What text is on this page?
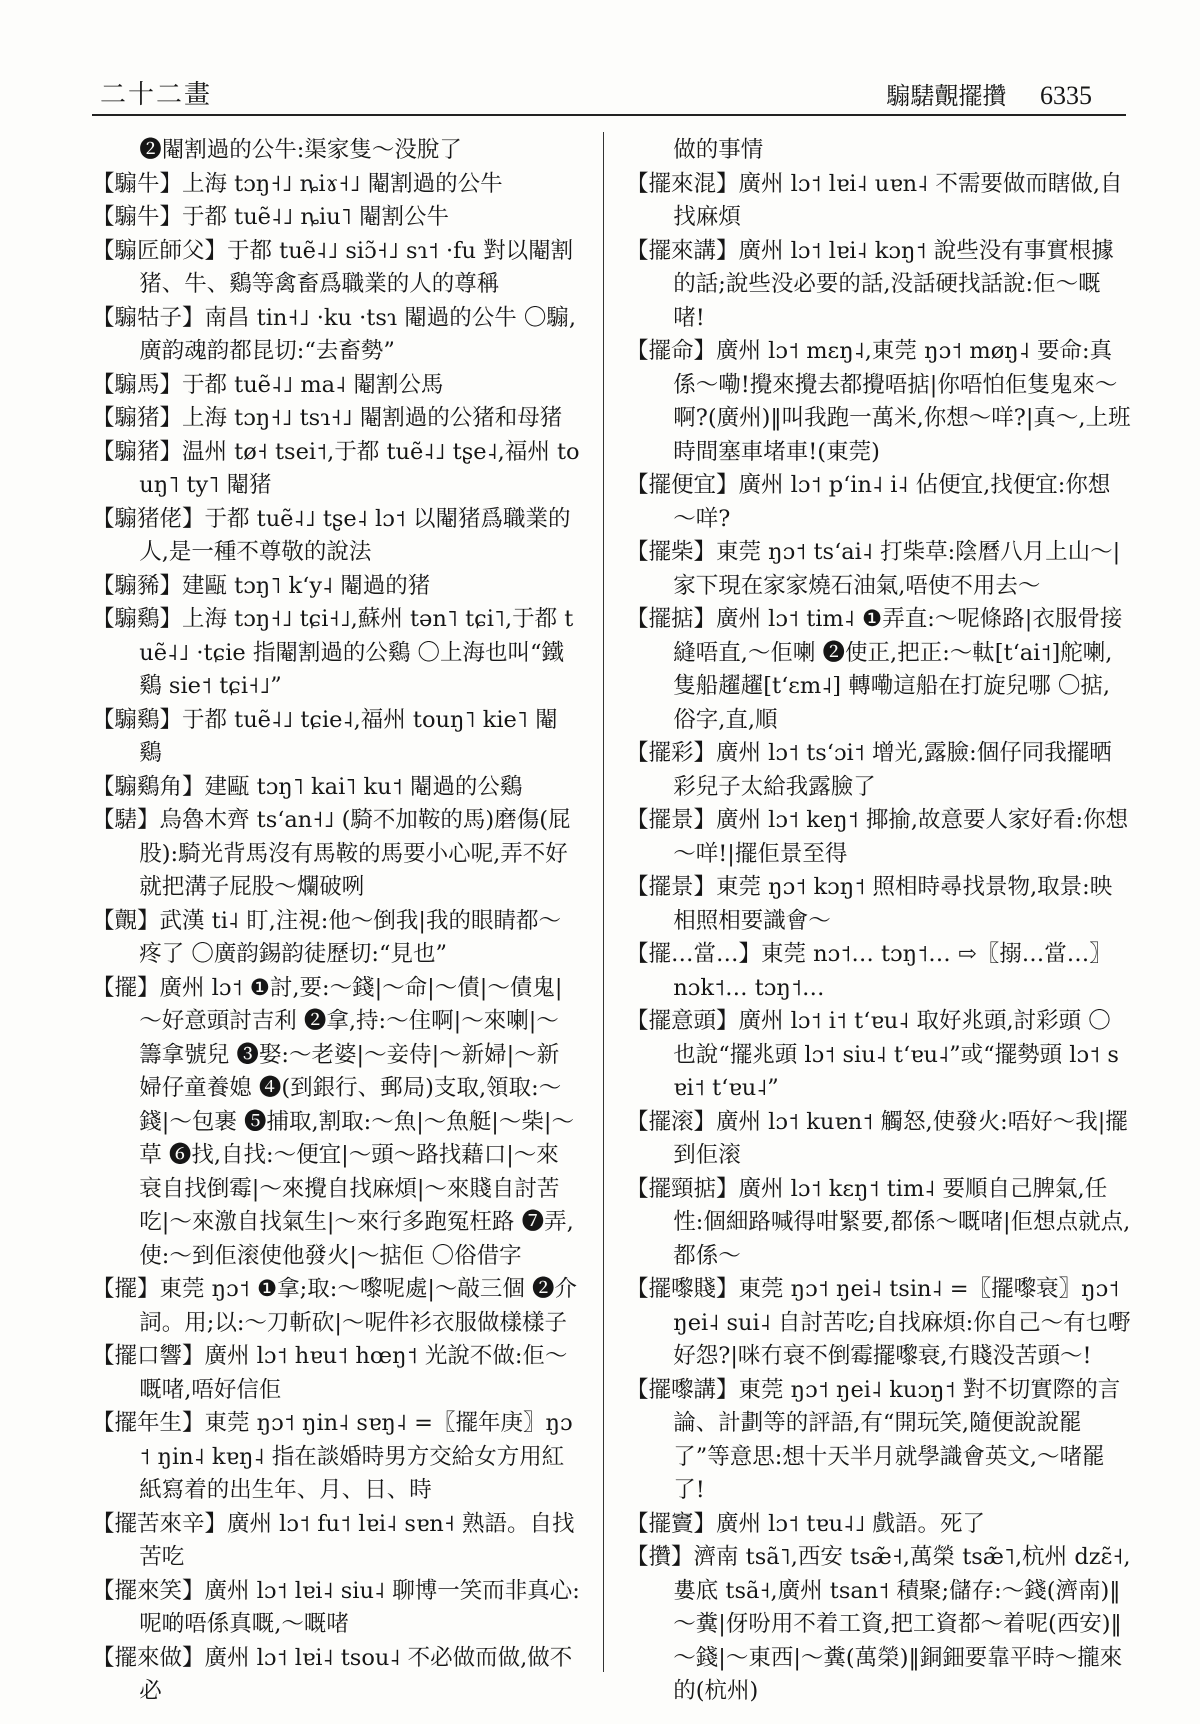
二十二畫	騸騞覿擺攢 6335

❷閹割過的公牛:渠家隻～没脫了

【騸牛】上海 tɔŋ˧˩ ȵiɤ˧˩ 閹割過的公牛

【騸牛】于都 tuẽ˨˩ ȵiu˥ 閹割公牛

【騸匠師父】于都 tuẽ˨˩ siɔ̃˧˩ sɿ˦ ·fu 對以閹割猪、牛、鷄等禽畜爲職業的人的尊稱

【騸牯子】南昌 tin˧˩ ·ku ·tsɿ 閹過的公牛 〇騸,廣韵魂韵都昆切:“去畜勢”

【騸馬】于都 tuẽ˨˩ ma˨ 閹割公馬

【騸猪】上海 tɔŋ˧˩ tsɿ˧˩ 閹割過的公猪和母猪

【騸猪】温州 tø˧ tsei˦,于都 tuẽ˨˩ tʂe˨,福州 touŋ˥ ty˥ 閹猪

【騸猪佬】于都 tuẽ˨˩ tʂe˨ lɔ˦ 以閹猪爲職業的人,是一種不尊敬的說法

【騸豨】建甌 tɔŋ˥ kʻy˨ 閹過的猪

【騸鷄】上海 tɔŋ˧˩ tɕi˧˩,蘇州 tən˥ tɕi˥,于都 tuẽ˨˩ ·tɕie 指閹割過的公鷄 〇上海也叫“鐵鷄 sie˦ tɕi˧˩”

【騸鷄】于都 tuẽ˨˩ tɕie˨,福州 touŋ˥ kie˥ 閹鷄

【騸鷄角】建甌 tɔŋ˥ kai˥ ku˦ 閹過的公鷄

【騞】烏魯木齊 tsʻan˧˩ (騎不加鞍的馬)磨傷(屁股):騎光背馬沒有馬鞍的馬要小心呢,弄不好就把溝子屁股～爛破咧

【覿】武漢 ti˨ 盯,注視:他～倒我|我的眼睛都～疼了 〇廣韵錫韵徒歷切:“見也”

【擺】廣州 lɔ˦ ❶討,要:～錢|～命|～債|～債鬼|～好意頭討吉利 ❷拿,持:～住啊|～來喇|～籌拿號兒 ❸娶:～老婆|～妾侍|～新婦|～新婦仔童養媳 ❹(到銀行、郵局)支取,領取:～錢|～包裹 ❺捕取,割取:～魚|～魚艇|～柴|～草 ❻找,自找:～便宜|～頭～路找藉口|～來衰自找倒霉|～來攪自找麻煩|～來賤自討苦吃|～來激自找氣生|～來行多跑冤枉路 ❼弄,使:～到佢滚使他發火|～掂佢 〇俗借字

【擺】東莞 ŋɔ˦ ❶拿;取:～嚟呢處|～敲三個 ❷介詞。用;以:～刀斬砍|～呢件衫衣服做樣樣子

【擺口響】廣州 lɔ˦ hɐu˦ hœŋ˦ 光說不做:佢～嘅啫,唔好信佢

【擺年生】東莞 ŋɔ˦ ŋin˨ sɐŋ˨ =〖擺年庚〗ŋɔ˦ ŋin˨ kɐŋ˨ 指在談婚時男方交給女方用紅紙寫着的出生年、月、日、時

【擺苦來辛】廣州 lɔ˦ fu˦ lɐi˨ sɐn˧ 熟語。自找苦吃

【擺來笑】廣州 lɔ˦ lɐi˨ siu˨ 聊博一笑而非真心:呢啲唔係真嘅,～嘅啫

【擺來做】廣州 lɔ˦ lɐi˨ tsou˨ 不必做而做,做不必

做的事情

【擺來混】廣州 lɔ˦ lɐi˨ uɐn˨ 不需要做而瞎做,自找麻煩

【擺來講】廣州 lɔ˦ lɐi˨ kɔŋ˦ 說些没有事實根據的話;說些没必要的話,没話硬找話說:佢～嘅啫!

【擺命】廣州 lɔ˦ mɛŋ˨,東莞 ŋɔ˦ møŋ˨ 要命:真係～嘞!攪來攪去都攪唔掂|你唔怕佢隻鬼來～啊?(廣州)‖叫我跑一萬米,你想～咩?|真～,上班時間塞車堵車!(東莞)

【擺便宜】廣州 lɔ˦ pʻin˨ i˨ 佔便宜,找便宜:你想～咩?

【擺柴】東莞 ŋɔ˦ tsʻai˨ 打柴草:陰曆八月上山～|家下現在家家燒石油氣,唔使不用去～

【擺掂】廣州 lɔ˦ tim˨ ❶弄直:～呢條路|衣服骨接縫唔直,～佢喇 ❷使正,把正:～軚[tʻai˦]舵喇,隻船趯趯[tʻɛm˨] 轉嘞這船在打旋兒哪 〇掂,俗字,直,順

【擺彩】廣州 lɔ˦ tsʻɔi˦ 增光,露臉:個仔同我擺晒彩兒子太給我露臉了

【擺景】廣州 lɔ˦ keŋ˦ 揶揄,故意要人家好看:你想～咩!|擺佢景至得

【擺景】東莞 ŋɔ˦ kɔŋ˦ 照相時尋找景物,取景:映相照相要識會～

【擺…當…】東莞 nɔ˦… tɔŋ˦… ⇨〖搦…當…〗 nɔk˦… tɔŋ˦…

【擺意頭】廣州 lɔ˦ i˦ tʻɐu˨ 取好兆頭,討彩頭 〇也說“擺兆頭 lɔ˦ siu˨ tʻɐu˨”或“擺勢頭 lɔ˦ sɐi˦ tʻɐu˨”

【擺滚】廣州 lɔ˦ kuɐn˦ 觸怒,使發火:唔好～我|擺到佢滚

【擺頸掂】廣州 lɔ˦ kɛŋ˦ tim˨ 要順自己脾氣,任性:個細路喊得咁緊要,都係～嘅啫|佢想点就点,都係～

【擺嚟賤】東莞 ŋɔ˦ ŋei˨ tsin˨ =〖擺嚟衰〗ŋɔ˦ ŋei˨ sui˨ 自討苦吃;自找麻煩:你自己～有乜嘢好怨?|咪冇衰不倒霉擺嚟衰,冇賤没苦頭～!

【擺嚟講】東莞 ŋɔ˦ ŋei˨ kuɔŋ˦ 對不切實際的言論、計劃等的評語,有“開玩笑,隨便說說罷了”等意思:想十天半月就學識會英文,～啫罷了!

【擺竇】廣州 lɔ˦ tɐu˨˩ 戲語。死了

【攢】濟南 tsã˥,西安 tsæ̃˧,萬榮 tsæ̃˥,杭州 dzɛ̃˧,婁底 tsã˧,廣州 tsan˦ 積聚;儲存:～錢(濟南)‖～糞|伢吩用不着工資,把工資都～着呢(西安)‖～錢|～東西|～糞(萬榮)‖銅鈿要靠平時～攏來的(杭州)
